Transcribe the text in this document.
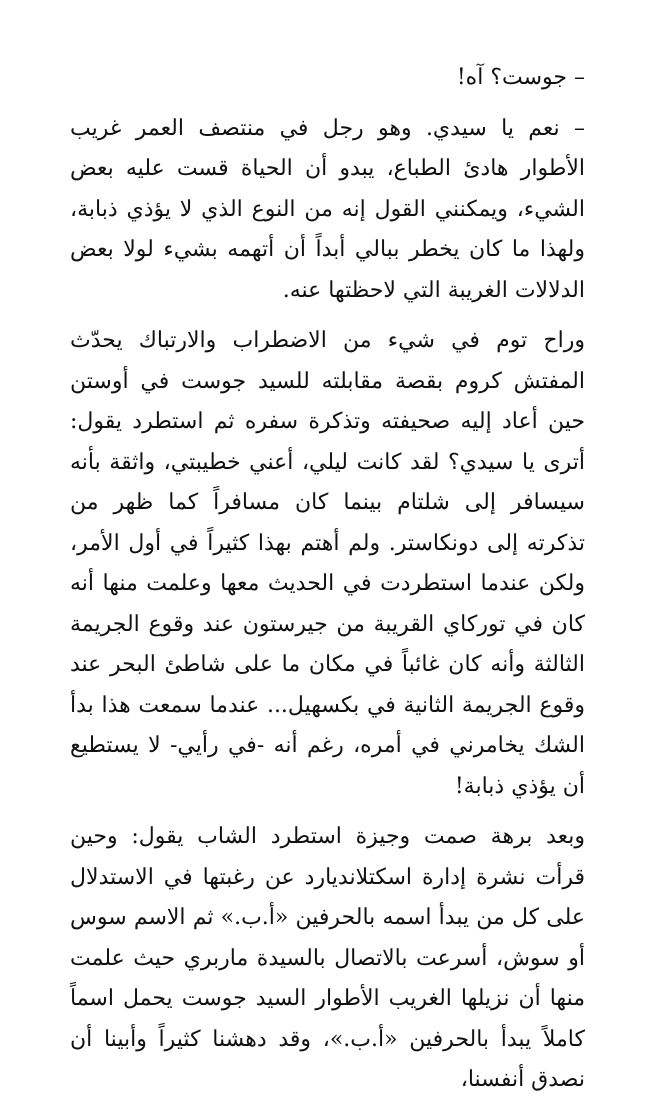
– جوست؟ آه!

– نعم يا سيدي. وهو رجل في منتصف العمر غريب الأطوار هادئ الطباع، يبدو أن الحياة قست عليه بعض الشيء، ويمكنني القول إنه من النوع الذي لا يؤذي ذبابة، ولهذا ما كان يخطر ببالي أبداً أن أتهمه بشيء لولا بعض الدلالات الغريبة التي لاحظتها عنه.

وراح توم في شيء من الاضطراب والارتباك يحدّث المفتش كروم بقصة مقابلته للسيد جوست في أوستن حين أعاد إليه صحيفته وتذكرة سفره ثم استطرد يقول: أترى يا سيدي؟ لقد كانت ليلي، أعني خطيبتي، واثقة بأنه سيسافر إلى شلتام بينما كان مسافراً كما ظهر من تذكرته إلى دونكاستر. ولم أهتم بهذا كثيراً في أول الأمر، ولكن عندما استطردت في الحديث معها وعلمت منها أنه كان في توركاي القريبة من جيرستون عند وقوع الجريمة الثالثة وأنه كان غائباً في مكان ما على شاطئ البحر عند وقوع الجريمة الثانية في بكسهيل... عندما سمعت هذا بدأ الشك يخامرني في أمره، رغم أنه -في رأيي- لا يستطيع أن يؤذي ذبابة!

وبعد برهة صمت وجيزة استطرد الشاب يقول: وحين قرأت نشرة إدارة اسكتلانديارد عن رغبتها في الاستدلال على كل من يبدأ اسمه بالحرفين «أ.ب.» ثم الاسم سوس أو سوش، أسرعت بالاتصال بالسيدة ماربري حيث علمت منها أن نزيلها الغريب الأطوار السيد جوست يحمل اسماً كاملاً يبدأ بالحرفين «أ.ب.»، وقد دهشنا كثيراً وأبينا أن نصدق أنفسنا،
